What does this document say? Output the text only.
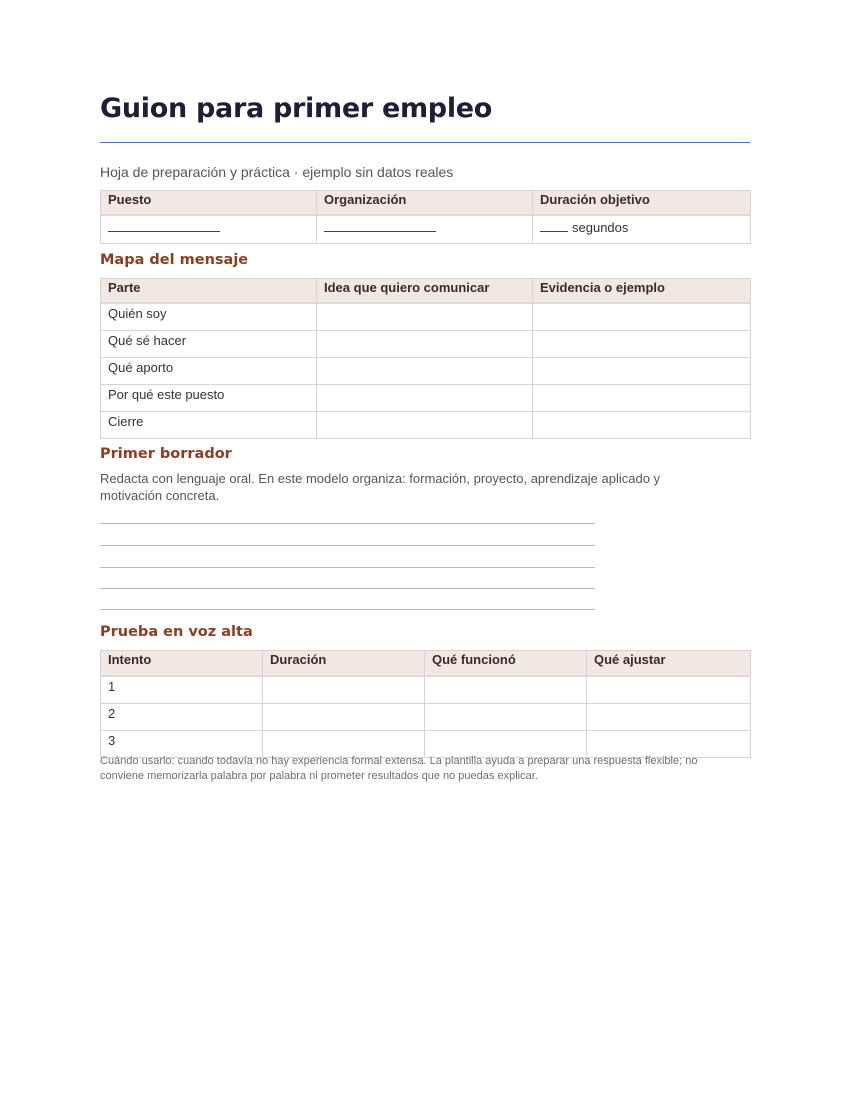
Guion para primer empleo
Hoja de preparación y práctica · ejemplo sin datos reales
Puesto	Organización	Duración objetivo
		segundos
Mapa del mensaje
Parte	Idea que quiero comunicar	Evidencia o ejemplo
Quién soy		
Qué sé hacer		
Qué aporto		
Por qué este puesto		
Cierre		
Primer borrador
Redacta con lenguaje oral. En este modelo organiza: formación, proyecto, aprendizaje aplicado y motivación concreta.
Prueba en voz alta
Intento	Duración	Qué funcionó	Qué ajustar
1			
2			
3			
Cuándo usarlo: cuando todavía no hay experiencia formal extensa. La plantilla ayuda a preparar una respuesta flexible; no conviene memorizarla palabra por palabra ni prometer resultados que no puedas explicar.
